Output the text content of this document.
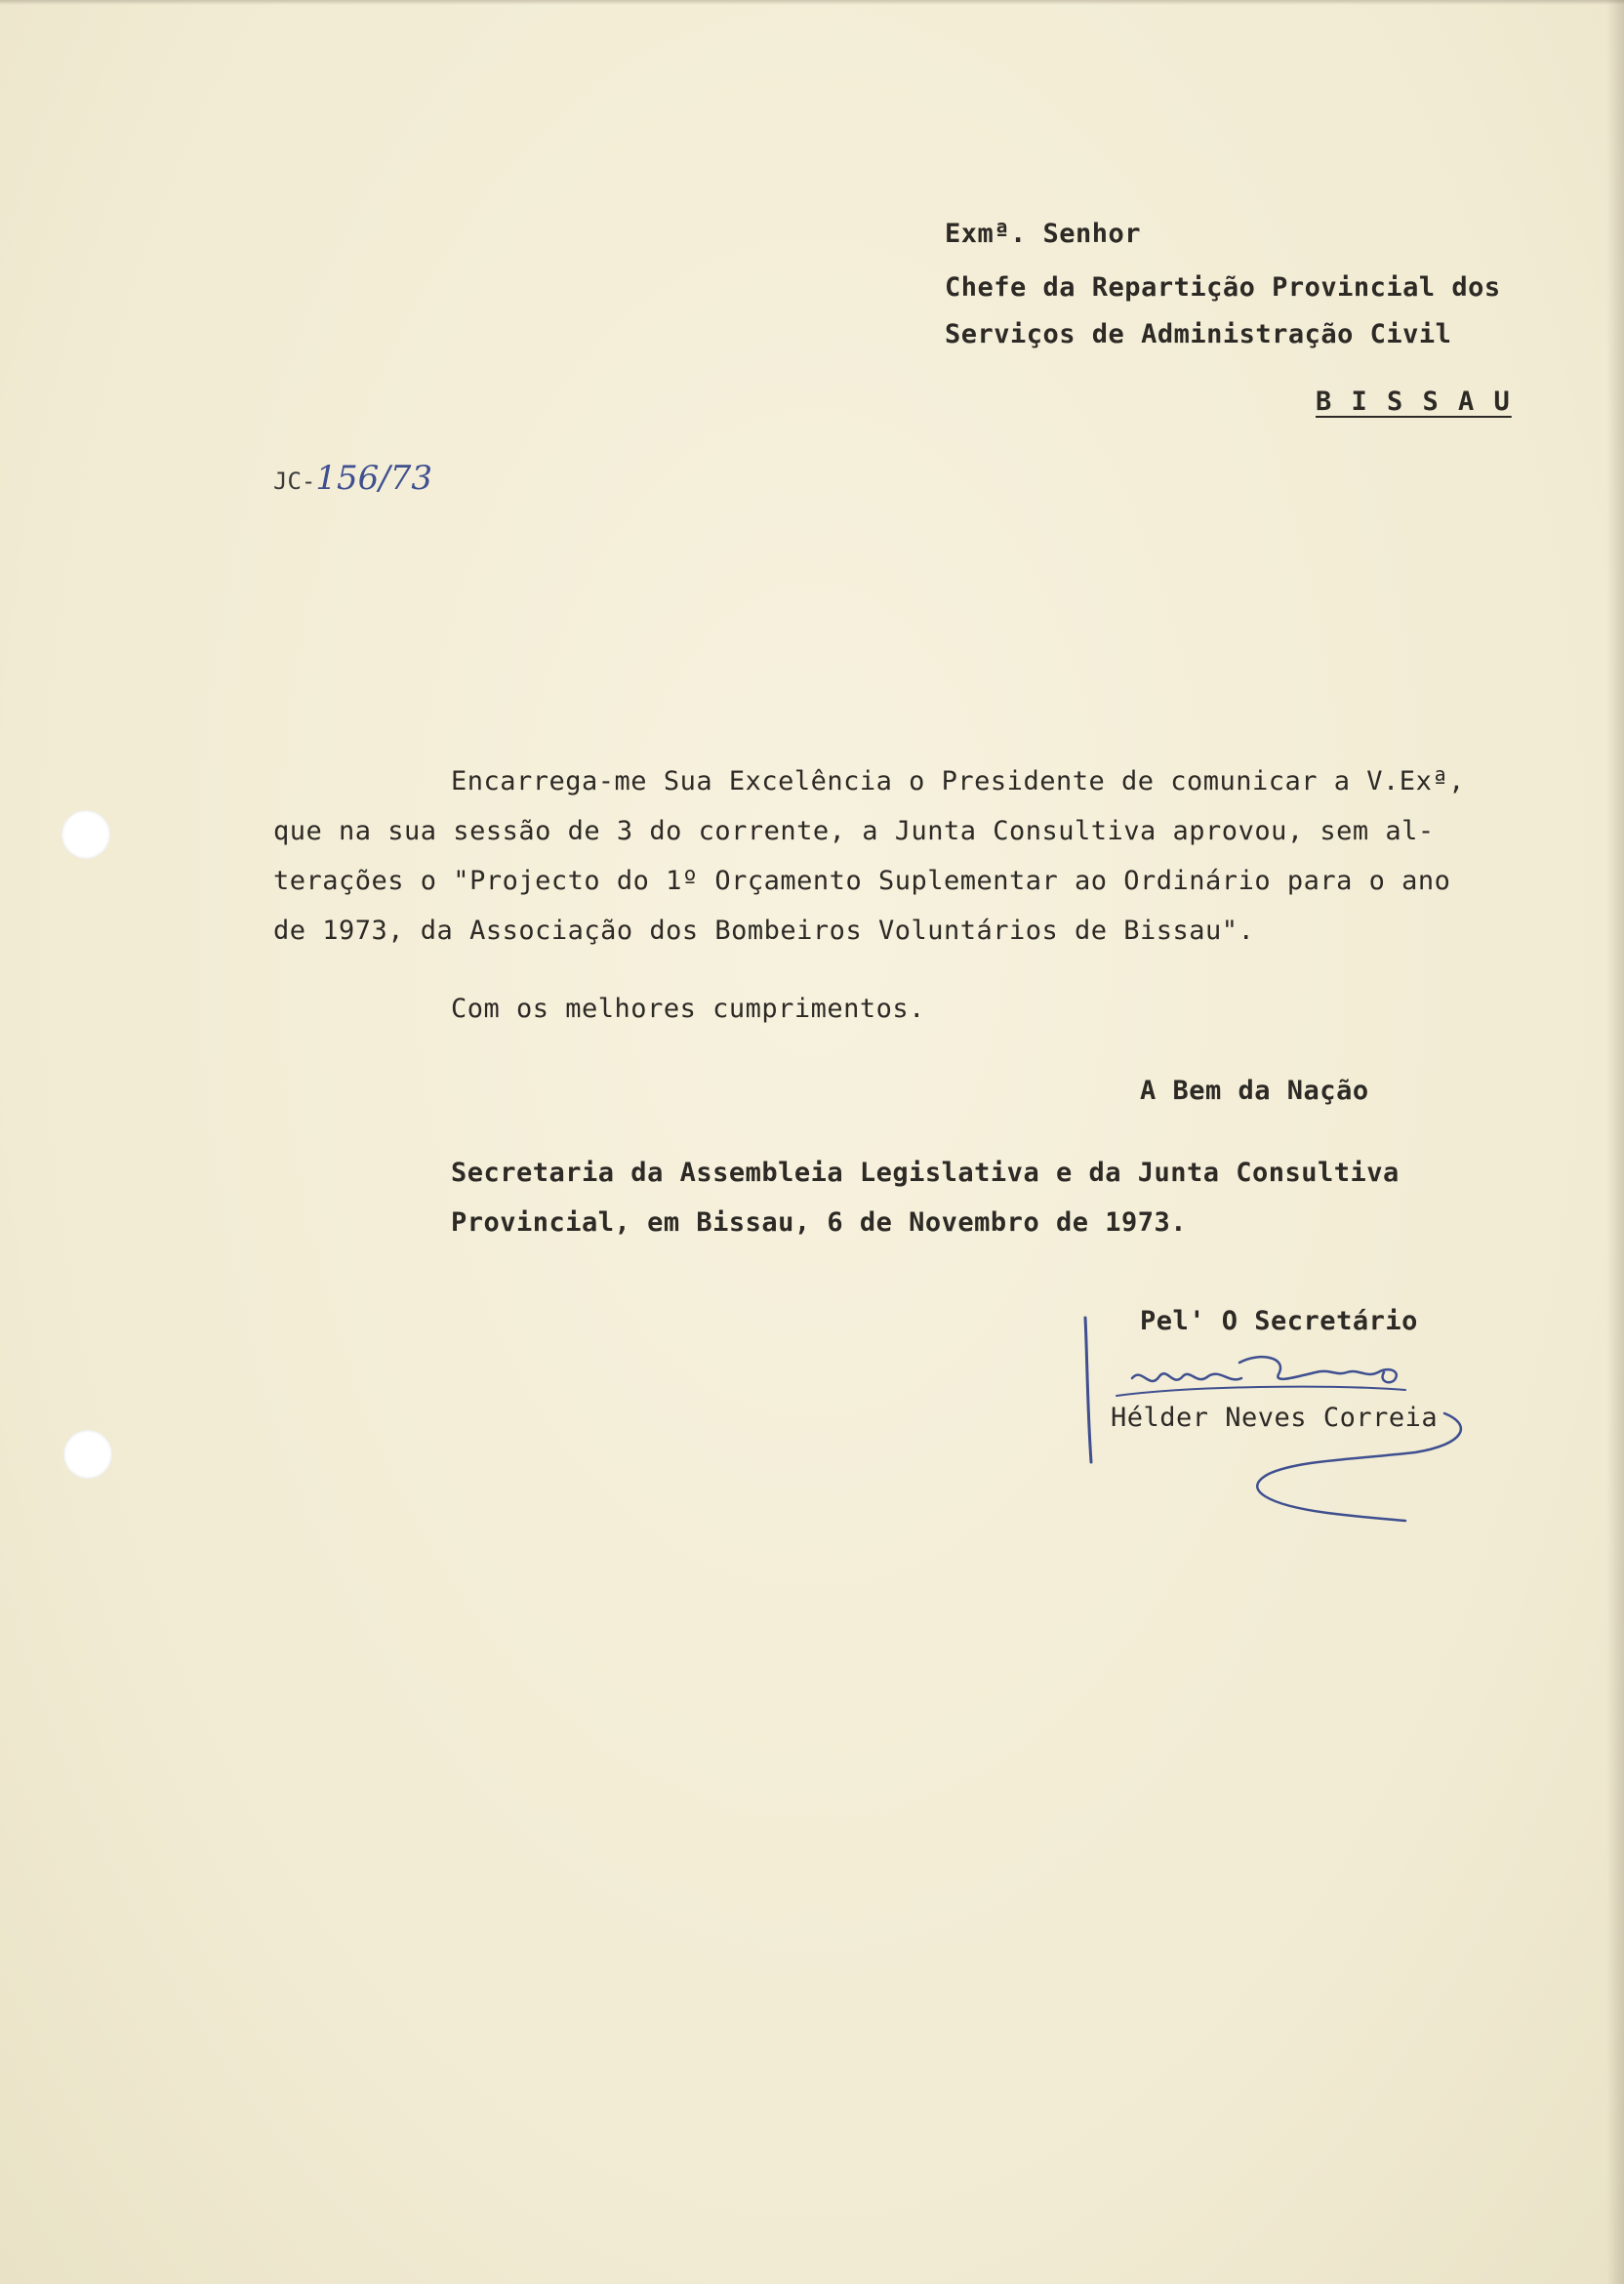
Exmª. Senhor
Chefe da Repartição Provincial dos
Serviços de Administração Civil
B I S S A U
JC-156/73
Encarrega-me Sua Excelência o Presidente de comunicar a V.Exª,
que na sua sessão de 3 do corrente, a Junta Consultiva aprovou, sem al-
terações o "Projecto do 1º Orçamento Suplementar ao Ordinário para o ano
de 1973, da Associação dos Bombeiros Voluntários de Bissau".
Com os melhores cumprimentos.
A Bem da Nação
Secretaria da Assembleia Legislativa e da Junta Consultiva
Provincial, em Bissau, 6 de Novembro de 1973.
Pel' O Secretário
Hélder Neves Correia
